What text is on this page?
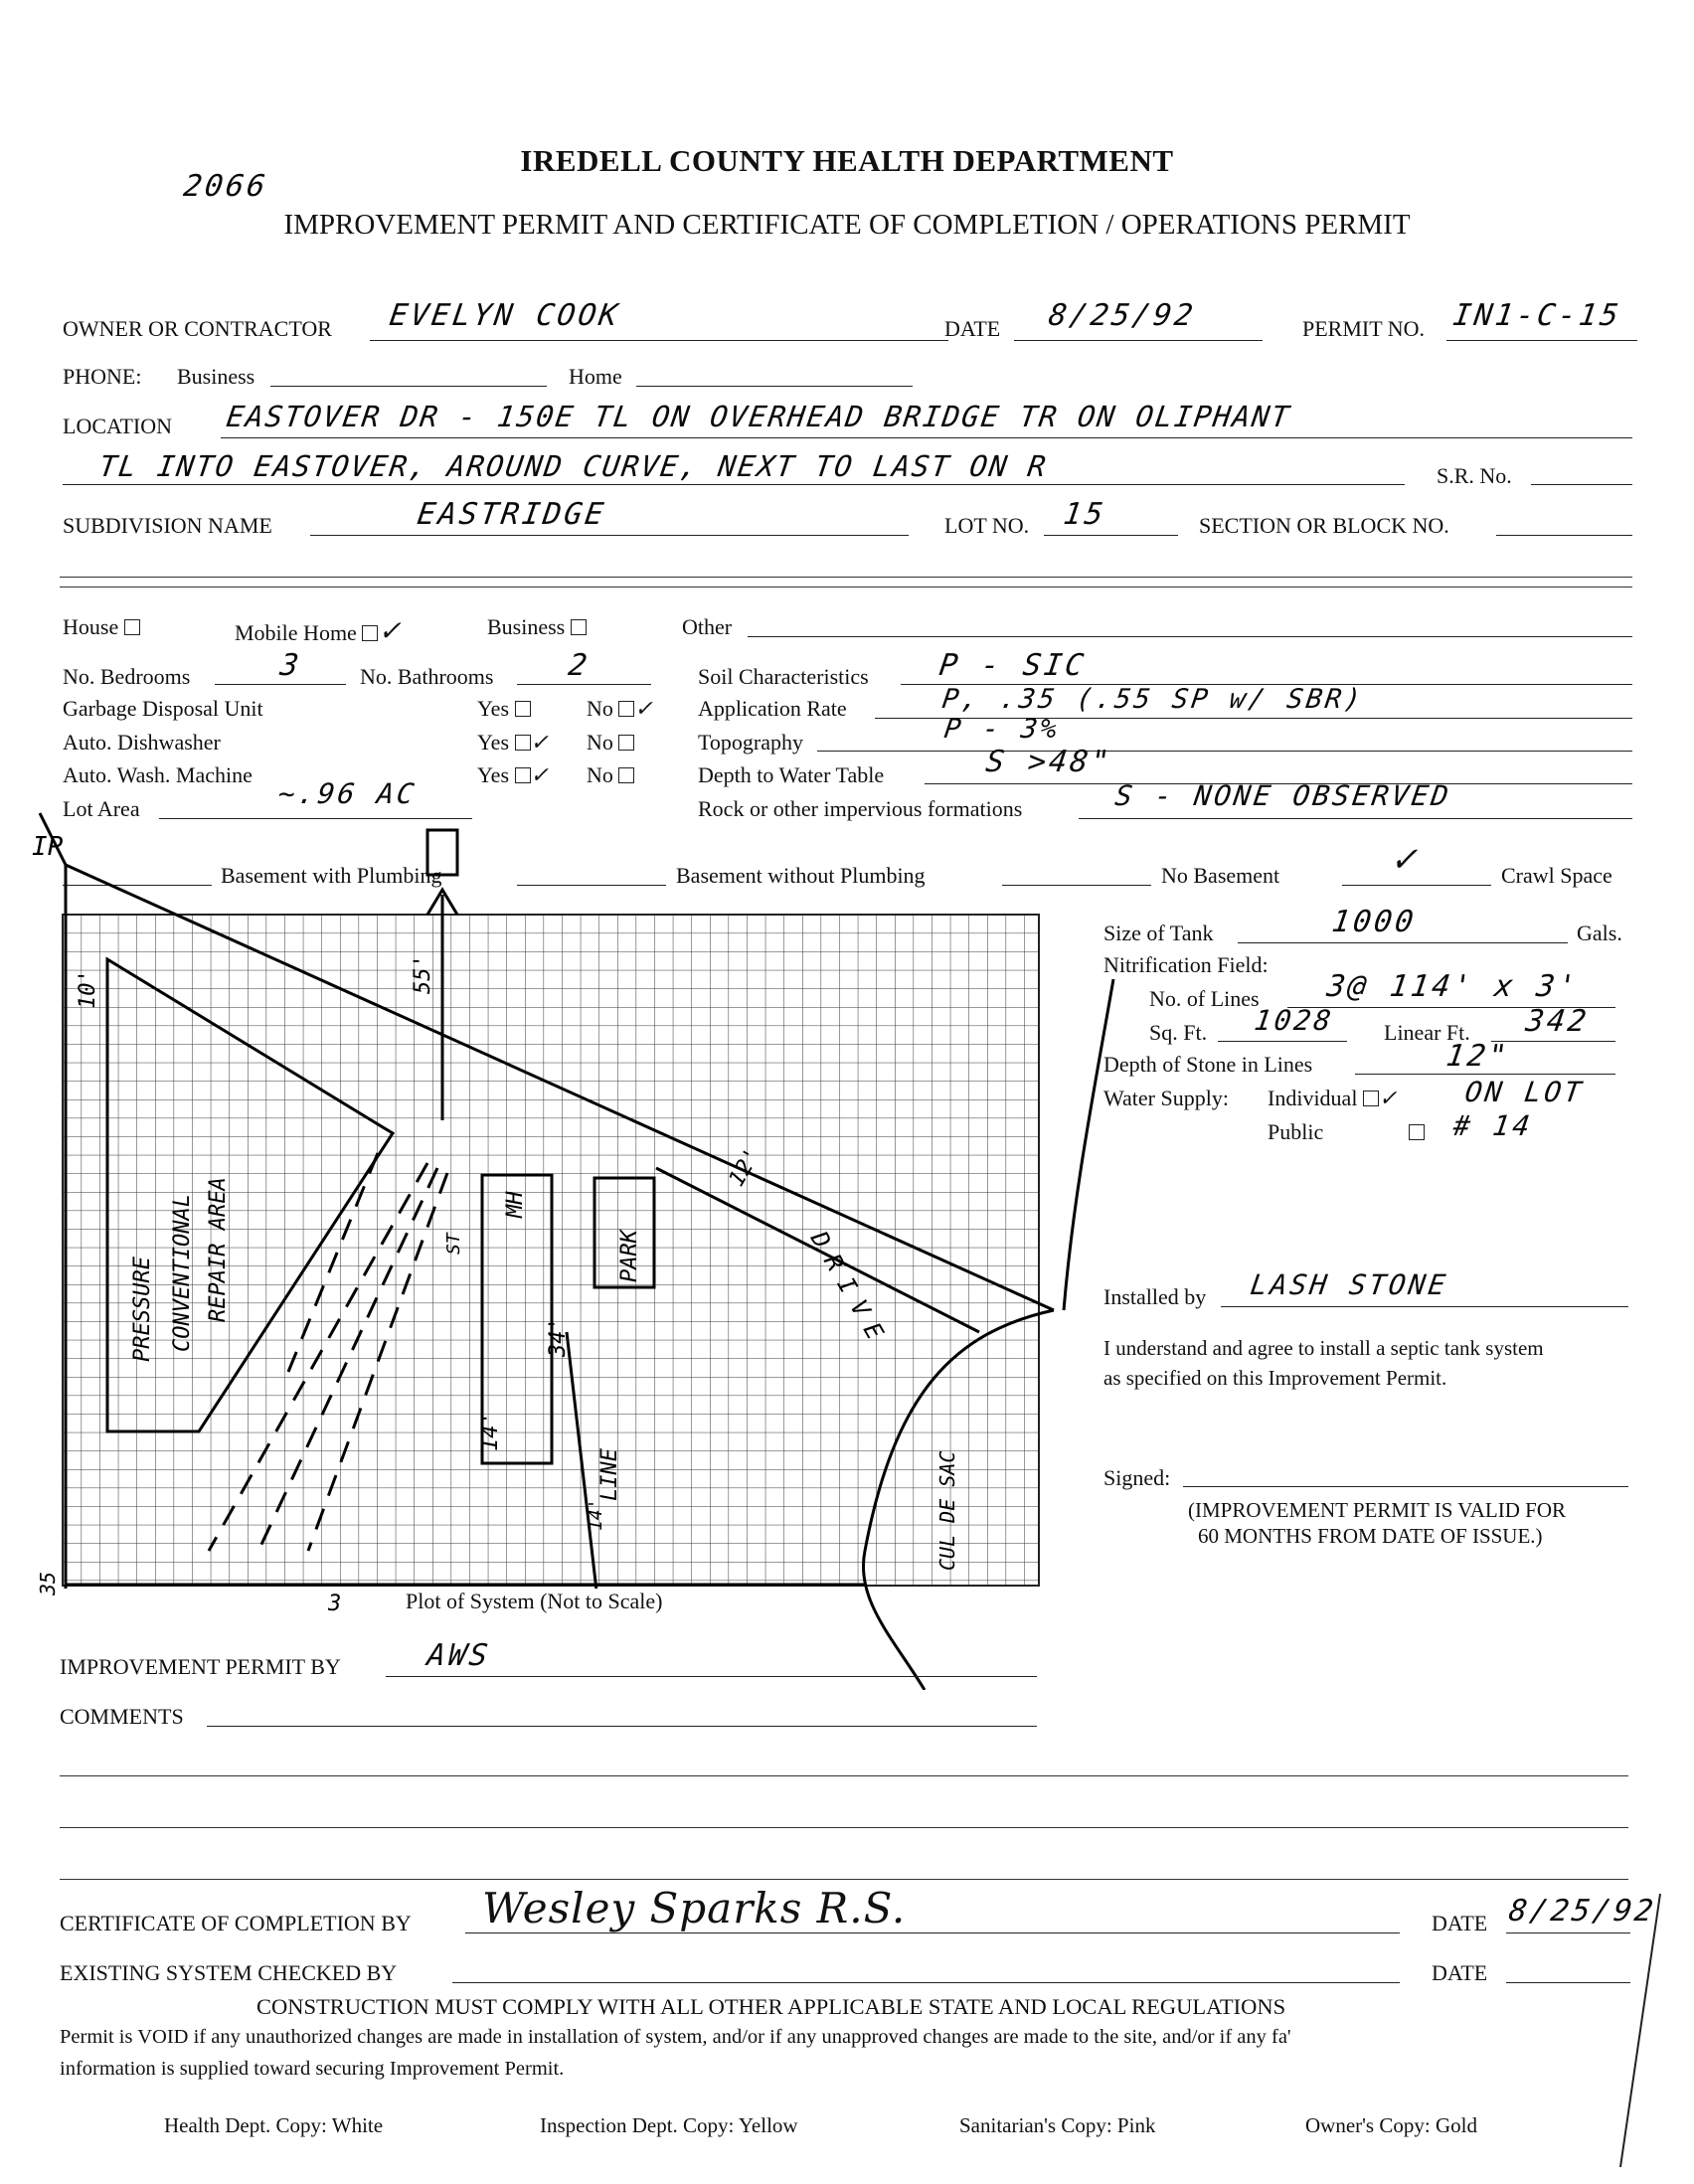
2066
IREDELL COUNTY HEALTH DEPARTMENT
IMPROVEMENT PERMIT AND CERTIFICATE OF COMPLETION / OPERATIONS PERMIT
OWNER OR CONTRACTOR EVELYN COOK	DATE 8/25/92	PERMIT NO. IN1-C-15
PHONE: Business	Home
LOCATION EASTOVER DR - 150E TL ON OVERHEAD BRIDGE TR ON OLIPHANT
TL INTO EASTOVER, AROUND CURVE, NEXT TO LAST ON R	S.R. No.
SUBDIVISION NAME	EASTRIDGE	LOT NO. 15	SECTION OR BLOCK NO.
House	Mobile Home ✓	Business	Other
No. Bedrooms	3	No. Bathrooms 2
Garbage Disposal Unit	Yes	No ✓
Auto. Dishwasher	Yes ✓ No
Auto. Wash. Machine	Yes ✓ No
Lot Area	~.96 AC
Soil Characteristics P - SIC
Application Rate	P, .35 (.55 SP w/ SBR)
Topography	P - 3%
Depth to Water Table	S >48"
Rock or other impervious formations	S - NONE OBSERVED
Basement with Plumbing	Basement without Plumbing	No Basement	✓	Crawl Space
PRESSURE CONVENTIONAL REPAIR AREA	DRIVE
PARK
LINE	CUL DE SAC
MH
ST
55'
10'
14'
12'
34'
14'
IP
3
35
Plot of System (Not to Scale)
Size of Tank	1000	Gals.
Nitrification Field:
No. of Lines 3@ 114' x 3'
Sq. Ft. 1028 Linear Ft. 342
Depth of Stone in Lines	12"
Water Supply: Individual ✓ ON LOT
Public	# 14
Installed by LASH STONE
I understand and agree to install a septic tank system
as specified on this Improvement Permit.
Signed:
(IMPROVEMENT PERMIT IS VALID FOR
60 MONTHS FROM DATE OF ISSUE.)
IMPROVEMENT PERMIT BY	AWS
COMMENTS
CERTIFICATE OF COMPLETION BY Wesley Sparks R.S.	DATE 8/25/92
EXISTING SYSTEM CHECKED BY	DATE
CONSTRUCTION MUST COMPLY WITH ALL OTHER APPLICABLE STATE AND LOCAL REGULATIONS
Permit is VOID if any unauthorized changes are made in installation of system, and/or if any unapproved changes are made to the site, and/or if any fa'
information is supplied toward securing Improvement Permit.
Health Dept. Copy: White	Inspection Dept. Copy: Yellow	Sanitarian's Copy: Pink	Owner's Copy: Gold
